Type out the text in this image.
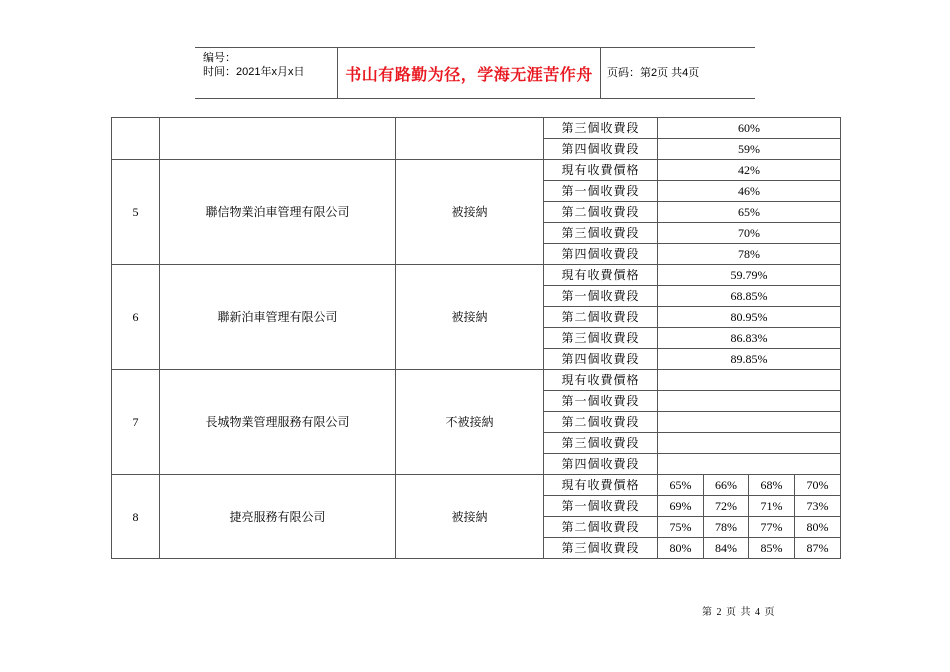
编号：
时间：2021年x月x日	书山有路勤为径，学海无涯苦作舟 页码：第2页 共4页
			第三個收費段	60%			
			第四個收費段	59%			
5	聯信物業泊車管理有限公司	被接納	現有收費價格	42%			
			第一個收費段	46%			
			第二個收費段	65%			
			第三個收費段	70%			
			第四個收費段	78%			
6	聯新泊車管理有限公司	被接納	現有收費價格	59.79%			
			第一個收費段	68.85%			
			第二個收費段	80.95%			
			第三個收費段	86.83%			
			第四個收費段	89.85%			
7	長城物業管理服務有限公司	不被接納	現有收費價格				
			第一個收費段				
			第二個收費段				
			第三個收費段				
			第四個收費段				
8	捷亮服務有限公司	被接納	現有收費價格	65%	66%	68%	70%
			第一個收費段	69%	72%	71%	73%
			第二個收費段	75%	78%	77%	80%
			第三個收費段	80%	84%	85%	87%
第 2 页 共 4 页
